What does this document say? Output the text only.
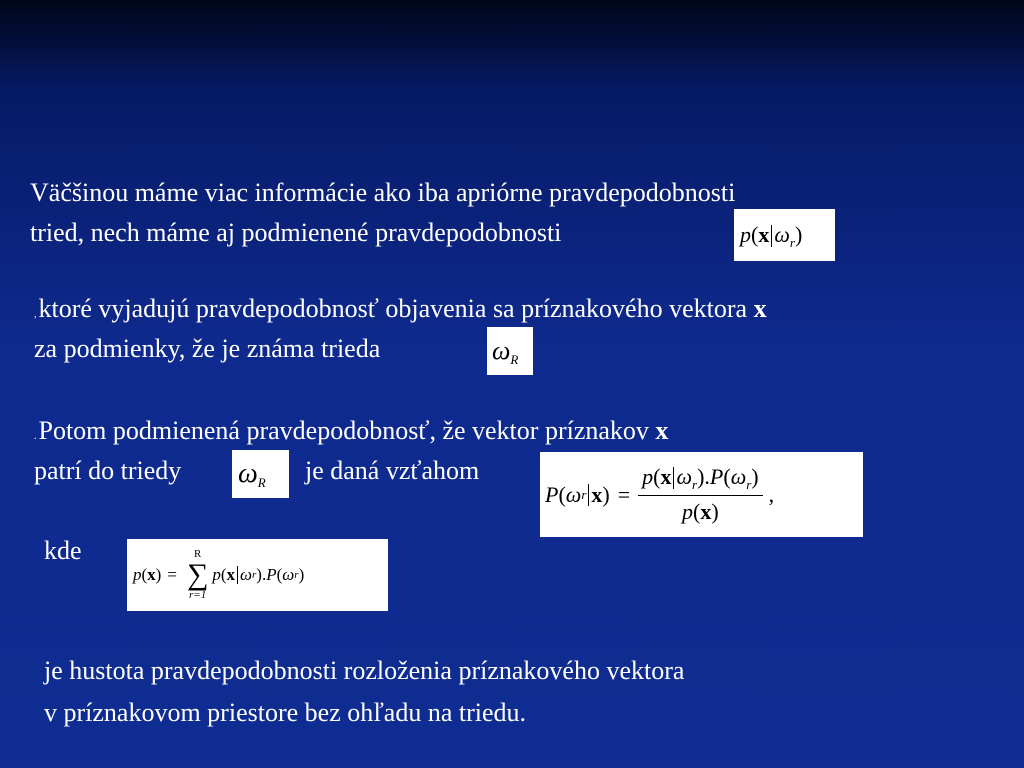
Väčšinou máme viac informácie ako iba apriórne pravdepodobnosti
tried, nech máme aj podmienené pravdepodobnosti	p(x $\omega_r$)
,ktoré vyjadujú pravdepodobnosť objavenia sa príznakového vektora x
za podmienky, že je známa trieda	$\omega_R$
.Potom podmienená pravdepodobnosť, že vektor príznakov x
patrí do triedy	je daná vzťahom
$\omega_R$	P ( ω r x ) = $\frac{p(x \omega_r).P(\omega_r)}{p(x)}$ ,
kde
p ( x ) =
R
∑
r=1
p ( x ω r ) . P ( ω r )
je hustota pravdepodobnosti rozloženia príznakového vektora
v príznakovom priestore bez ohľadu na triedu.
